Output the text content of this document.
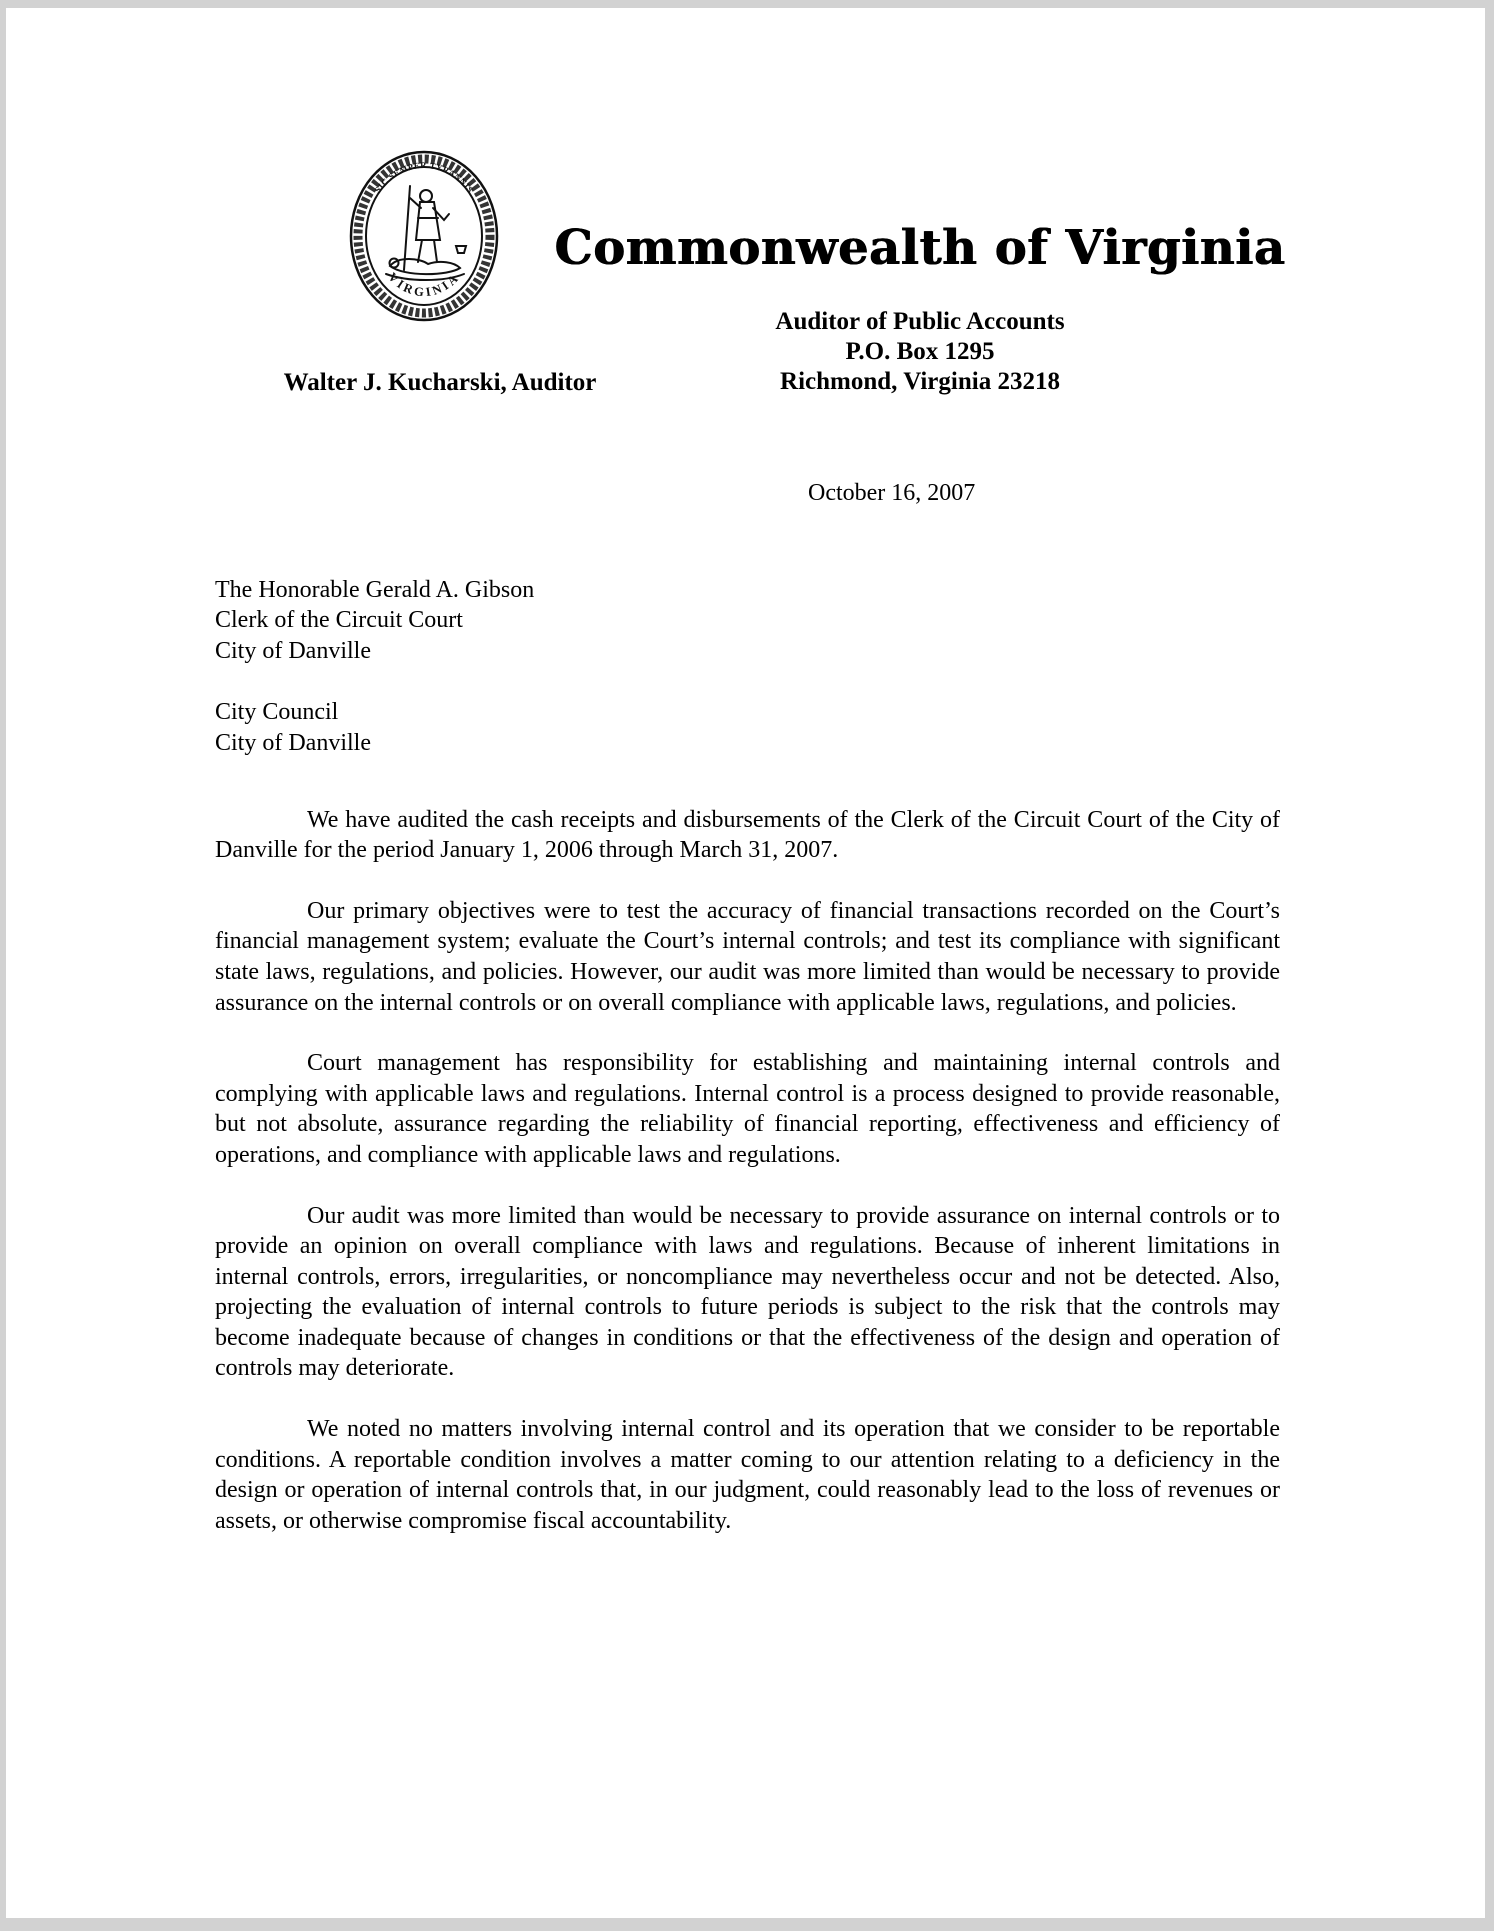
VIRGINIA
SIC SEMPER TYRANNIS
Commonwealth of Virginia
Auditor of Public Accounts
P.O. Box 1295
Richmond, Virginia 23218
Walter J. Kucharski, Auditor
October 16, 2007
The Honorable Gerald A. Gibson
Clerk of the Circuit Court
City of Danville
City Council
City of Danville

We have audited the cash receipts and disbursements of the Clerk of the Circuit Court of the City of Danville for the period January 1, 2006 through March 31, 2007.

Our primary objectives were to test the accuracy of financial transactions recorded on the Court’s financial management system; evaluate the Court’s internal controls; and test its compliance with significant state laws, regulations, and policies. However, our audit was more limited than would be necessary to provide assurance on the internal controls or on overall compliance with applicable laws, regulations, and policies.

Court management has responsibility for establishing and maintaining internal controls and complying with applicable laws and regulations. Internal control is a process designed to provide reasonable, but not absolute, assurance regarding the reliability of financial reporting, effectiveness and efficiency of operations, and compliance with applicable laws and regulations.

Our audit was more limited than would be necessary to provide assurance on internal controls or to provide an opinion on overall compliance with laws and regulations. Because of inherent limitations in internal controls, errors, irregularities, or noncompliance may nevertheless occur and not be detected. Also, projecting the evaluation of internal controls to future periods is subject to the risk that the controls may become inadequate because of changes in conditions or that the effectiveness of the design and operation of controls may deteriorate.

We noted no matters involving internal control and its operation that we consider to be reportable conditions. A reportable condition involves a matter coming to our attention relating to a deficiency in the design or operation of internal controls that, in our judgment, could reasonably lead to the loss of revenues or assets, or otherwise compromise fiscal accountability.
